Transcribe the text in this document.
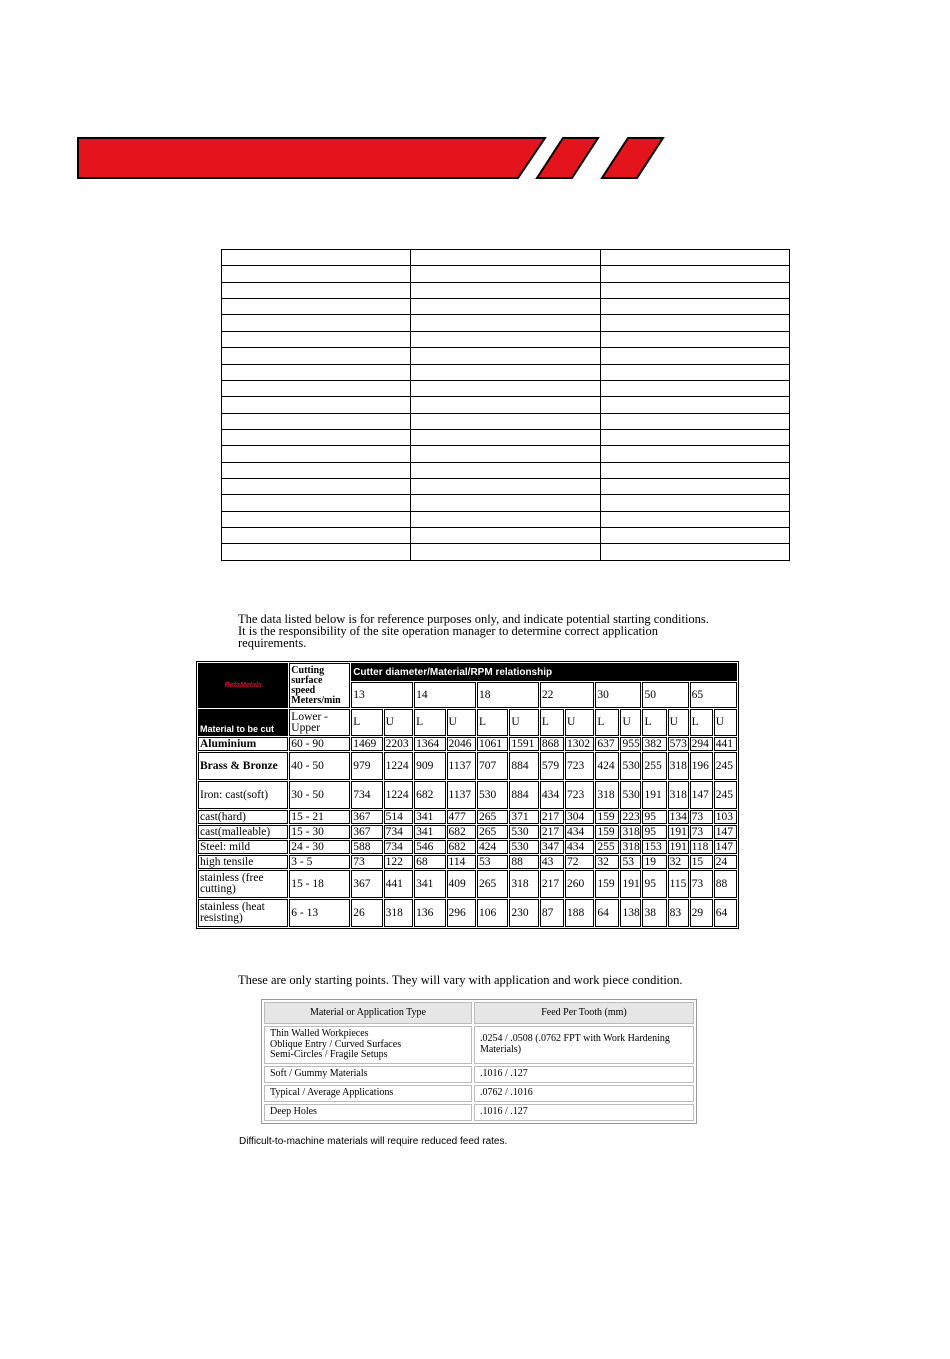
The data listed below is for reference purposes only, and indicate potential starting conditions. It is the responsibility of the site operation manager to determine correct application requirements.
RotaMetals	Cutting surface speed Meters/min	Cutter diameter/Material/RPM relationship													
		13		14		18		22		30		50		65	
Material to be cut	Lower - Upper	L	U	L	U	L	U	L	U	L	U	L	U	L	U
Aluminium	60 - 90	1469	2203	1364	2046	1061	1591	868	1302	637	955	382	573	294	441
Brass & Bronze	40 - 50	979	1224	909	1137	707	884	579	723	424	530	255	318	196	245
Iron: cast(soft)	30 - 50	734	1224	682	1137	530	884	434	723	318	530	191	318	147	245
cast(hard)	15 - 21	367	514	341	477	265	371	217	304	159	223	95	134	73	103
cast(malleable)	15 - 30	367	734	341	682	265	530	217	434	159	318	95	191	73	147
Steel: mild	24 - 30	588	734	546	682	424	530	347	434	255	318	153	191	118	147
high tensile	3 - 5	73	122	68	114	53	88	43	72	32	53	19	32	15	24
stainless (free cutting)	15 - 18	367	441	341	409	265	318	217	260	159	191	95	115	73	88
stainless (heat resisting)	6 - 13	26	318	136	296	106	230	87	188	64	138	38	83	29	64
These are only starting points. They will vary with application and work piece condition.
Material or Application Type	Feed Per Tooth (mm)
Thin Walled Workpieces
Oblique Entry / Curved Surfaces
Semi-Circles / Fragile Setups	.0254 / .0508 (.0762 FPT with Work Hardening Materials)
Soft / Gummy Materials	.1016 / .127
Typical / Average Applications	.0762 / .1016
Deep Holes	.1016 / .127
Difficult-to-machine materials will require reduced feed rates.
